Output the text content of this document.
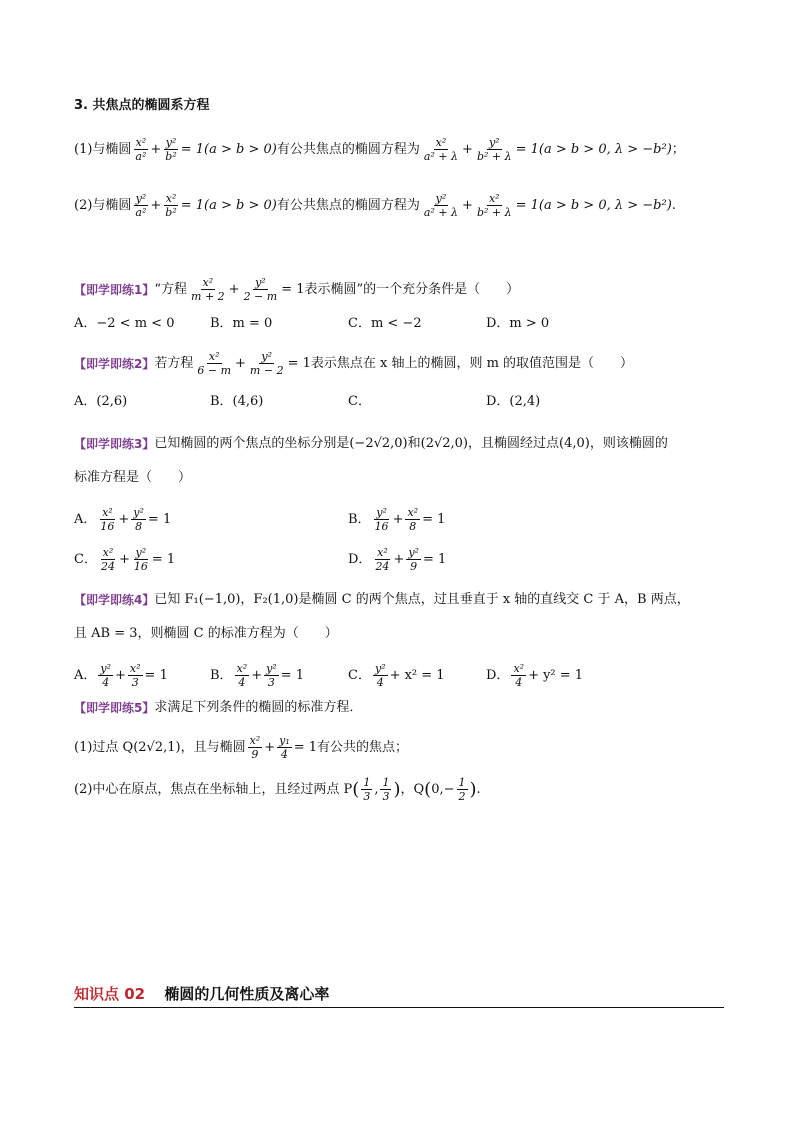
3. 共焦点的椭圆系方程
(1)与椭圆 $\frac{\text{x²}}{\text{a²}} + \frac{\text{y²}}{\text{b²}} = 1(a > b > 0)$ 有公共焦点的椭圆方程为 $\frac{\text{x²}}{\text{a² + λ}} + \frac{\text{y²}}{\text{b² + λ}} = 1(a > b > 0$, λ > −b²) ；
(2)与椭圆 $\frac{\text{y²}}{\text{a²}} + \frac{\text{x²}}{\text{b²}} = 1(a > b > 0)$ 有公共焦点的椭圆方程为 $\frac{\text{y²}}{\text{a² + λ}} + \frac{\text{x²}}{\text{b² + λ}} = 1(a > b > 0$, λ > −b²) .
【即学即练1】 “方程 $\frac{\text{x²}}{m + 2} + \frac{\text{y²}}{2 - m} = 1$表示椭圆”的一个充分条件是（　　）
A．−2 < m < 0	B．m = 0	C．m < −2	D．m > 0
【即学即练2】 若方程 $\frac{\text{x²}}{6 - m} + \frac{\text{y²}}{m - 2} = 1$表示焦点在 x 轴上的椭圆，则 m 的取值范围是（　　）
A．(2,6)	B．(4,6)	C．	D．(2,4)
【即学即练3】 已知椭圆的两个焦点的坐标分别是(−2√2,0)和(2√2,0)，且椭圆经过点(4,0)，则该椭圆的
标准方程是（　　）
A． $\frac{\text{x²}}{16} + \frac{\text{y²}}{8} = 1$	B． $\frac{\text{y²}}{16} + \frac{\text{x²}}{8} = 1$
C． $\frac{\text{x²}}{24} + \frac{\text{y²}}{16} = 1$	D． $\frac{\text{x²}}{24} + \frac{\text{y²}}{9} = 1$
【即学即练4】 已知 F₁(−1,0)，F₂(1,0)是椭圆 C 的两个焦点，过且垂直于 x 轴的直线交 C 于 A，B 两点，
且 AB = 3，则椭圆 C 的标准方程为（　　）
A． $\frac{\text{y²}}{4} + \frac{\text{x²}}{3} = 1$	B． $\frac{\text{x²}}{4} + \frac{\text{y²}}{3} = 1$	C． $\frac{\text{y²}}{4} + x^2 = 1$	D． $\frac{\text{x²}}{4} + y^2 = 1$
【即学即练5】 求满足下列条件的椭圆的标准方程．
(1)过点 Q(2√2,1)，且与椭圆 $\frac{\text{x²}}{9} + \frac{\text{y₁}}{4} = 1$有公共的焦点；
(2)中心在原点，焦点在坐标轴上，且经过两点 P ( $\frac{1}{3}$ , $\frac{1}{3}$ ) ，Q ( $0,- \frac{1}{2}$ ) .
知识点 02 椭圆的几何性质及离心率
